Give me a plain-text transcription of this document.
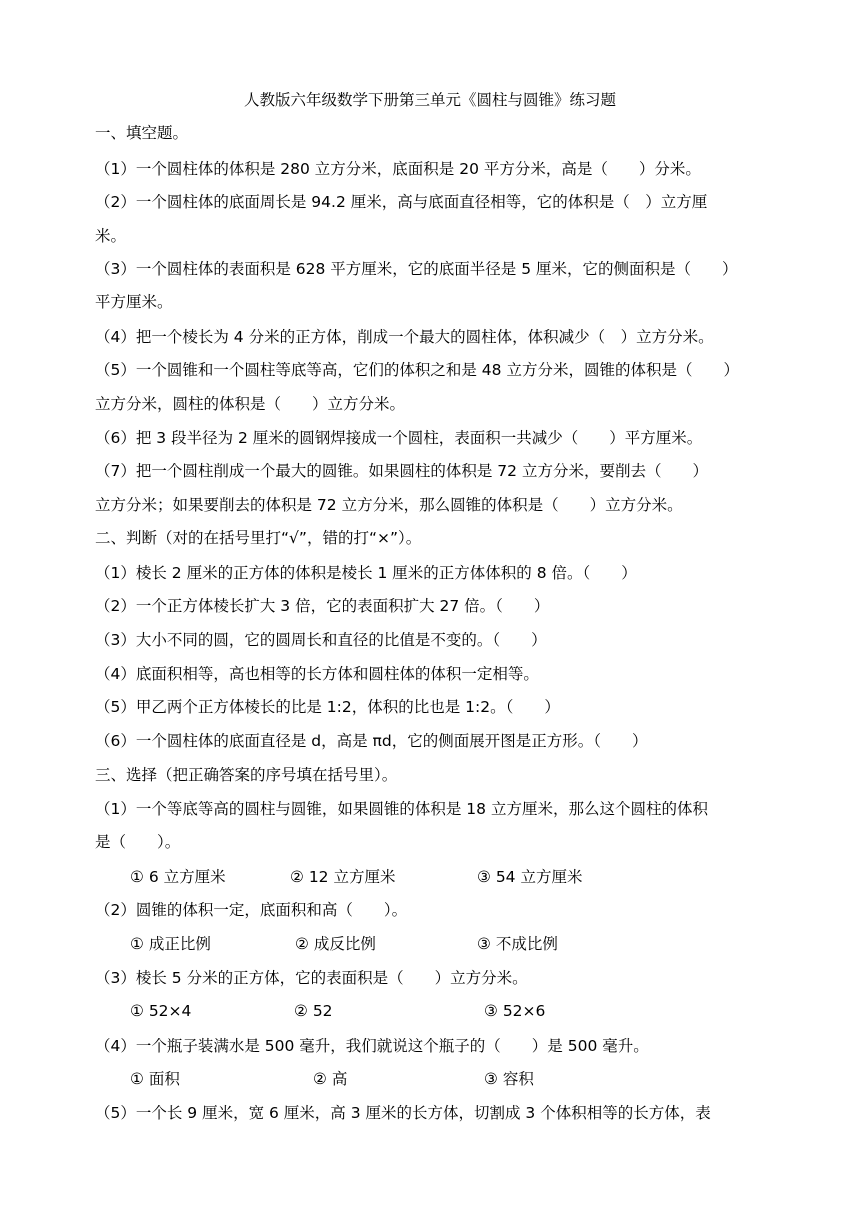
人教版六年级数学下册第三单元《圆柱与圆锥》练习题
一、填空题。
（1）一个圆柱体的体积是 280 立方分米，底面积是 20 平方分米，高是（　　）分米。
（2）一个圆柱体的底面周长是 94.2 厘米，高与底面直径相等，它的体积是（　）立方厘
米。
（3）一个圆柱体的表面积是 628 平方厘米，它的底面半径是 5 厘米，它的侧面积是（　　）
平方厘米。
（4）把一个棱长为 4 分米的正方体，削成一个最大的圆柱体，体积减少（　）立方分米。
（5）一个圆锥和一个圆柱等底等高，它们的体积之和是 48 立方分米，圆锥的体积是（　　）
立方分米，圆柱的体积是（　　）立方分米。
（6）把 3 段半径为 2 厘米的圆钢焊接成一个圆柱，表面积一共减少（　　）平方厘米。
（7）把一个圆柱削成一个最大的圆锥。如果圆柱的体积是 72 立方分米，要削去（　　）
立方分米；如果要削去的体积是 72 立方分米，那么圆锥的体积是（　　）立方分米。
二、判断（对的在括号里打“√”，错的打“×”）。
（1）棱长 2 厘米的正方体的体积是棱长 1 厘米的正方体体积的 8 倍。（　　）
（2）一个正方体棱长扩大 3 倍，它的表面积扩大 27 倍。（　　）
（3）大小不同的圆，它的圆周长和直径的比值是不变的。（　　）
（4）底面积相等，高也相等的长方体和圆柱体的体积一定相等。
（5）甲乙两个正方体棱长的比是 1:2，体积的比也是 1:2。（　　）
（6）一个圆柱体的底面直径是 d，高是 πd，它的侧面展开图是正方形。（　　）
三、选择（把正确答案的序号填在括号里）。
（1）一个等底等高的圆柱与圆锥，如果圆锥的体积是 18 立方厘米，那么这个圆柱的体积
是（　　）。
① 6 立方厘米	② 12 立方厘米	③ 54 立方厘米
（2）圆锥的体积一定，底面积和高（　　）。
① 成正比例	② 成反比例	③ 不成比例
（3）棱长 5 分米的正方体，它的表面积是（　　）立方分米。
① 52×4	② 52	③ 52×6
（4）一个瓶子装满水是 500 毫升，我们就说这个瓶子的（　　）是 500 毫升。
① 面积	② 高	③ 容积
（5）一个长 9 厘米，宽 6 厘米，高 3 厘米的长方体，切割成 3 个体积相等的长方体，表
